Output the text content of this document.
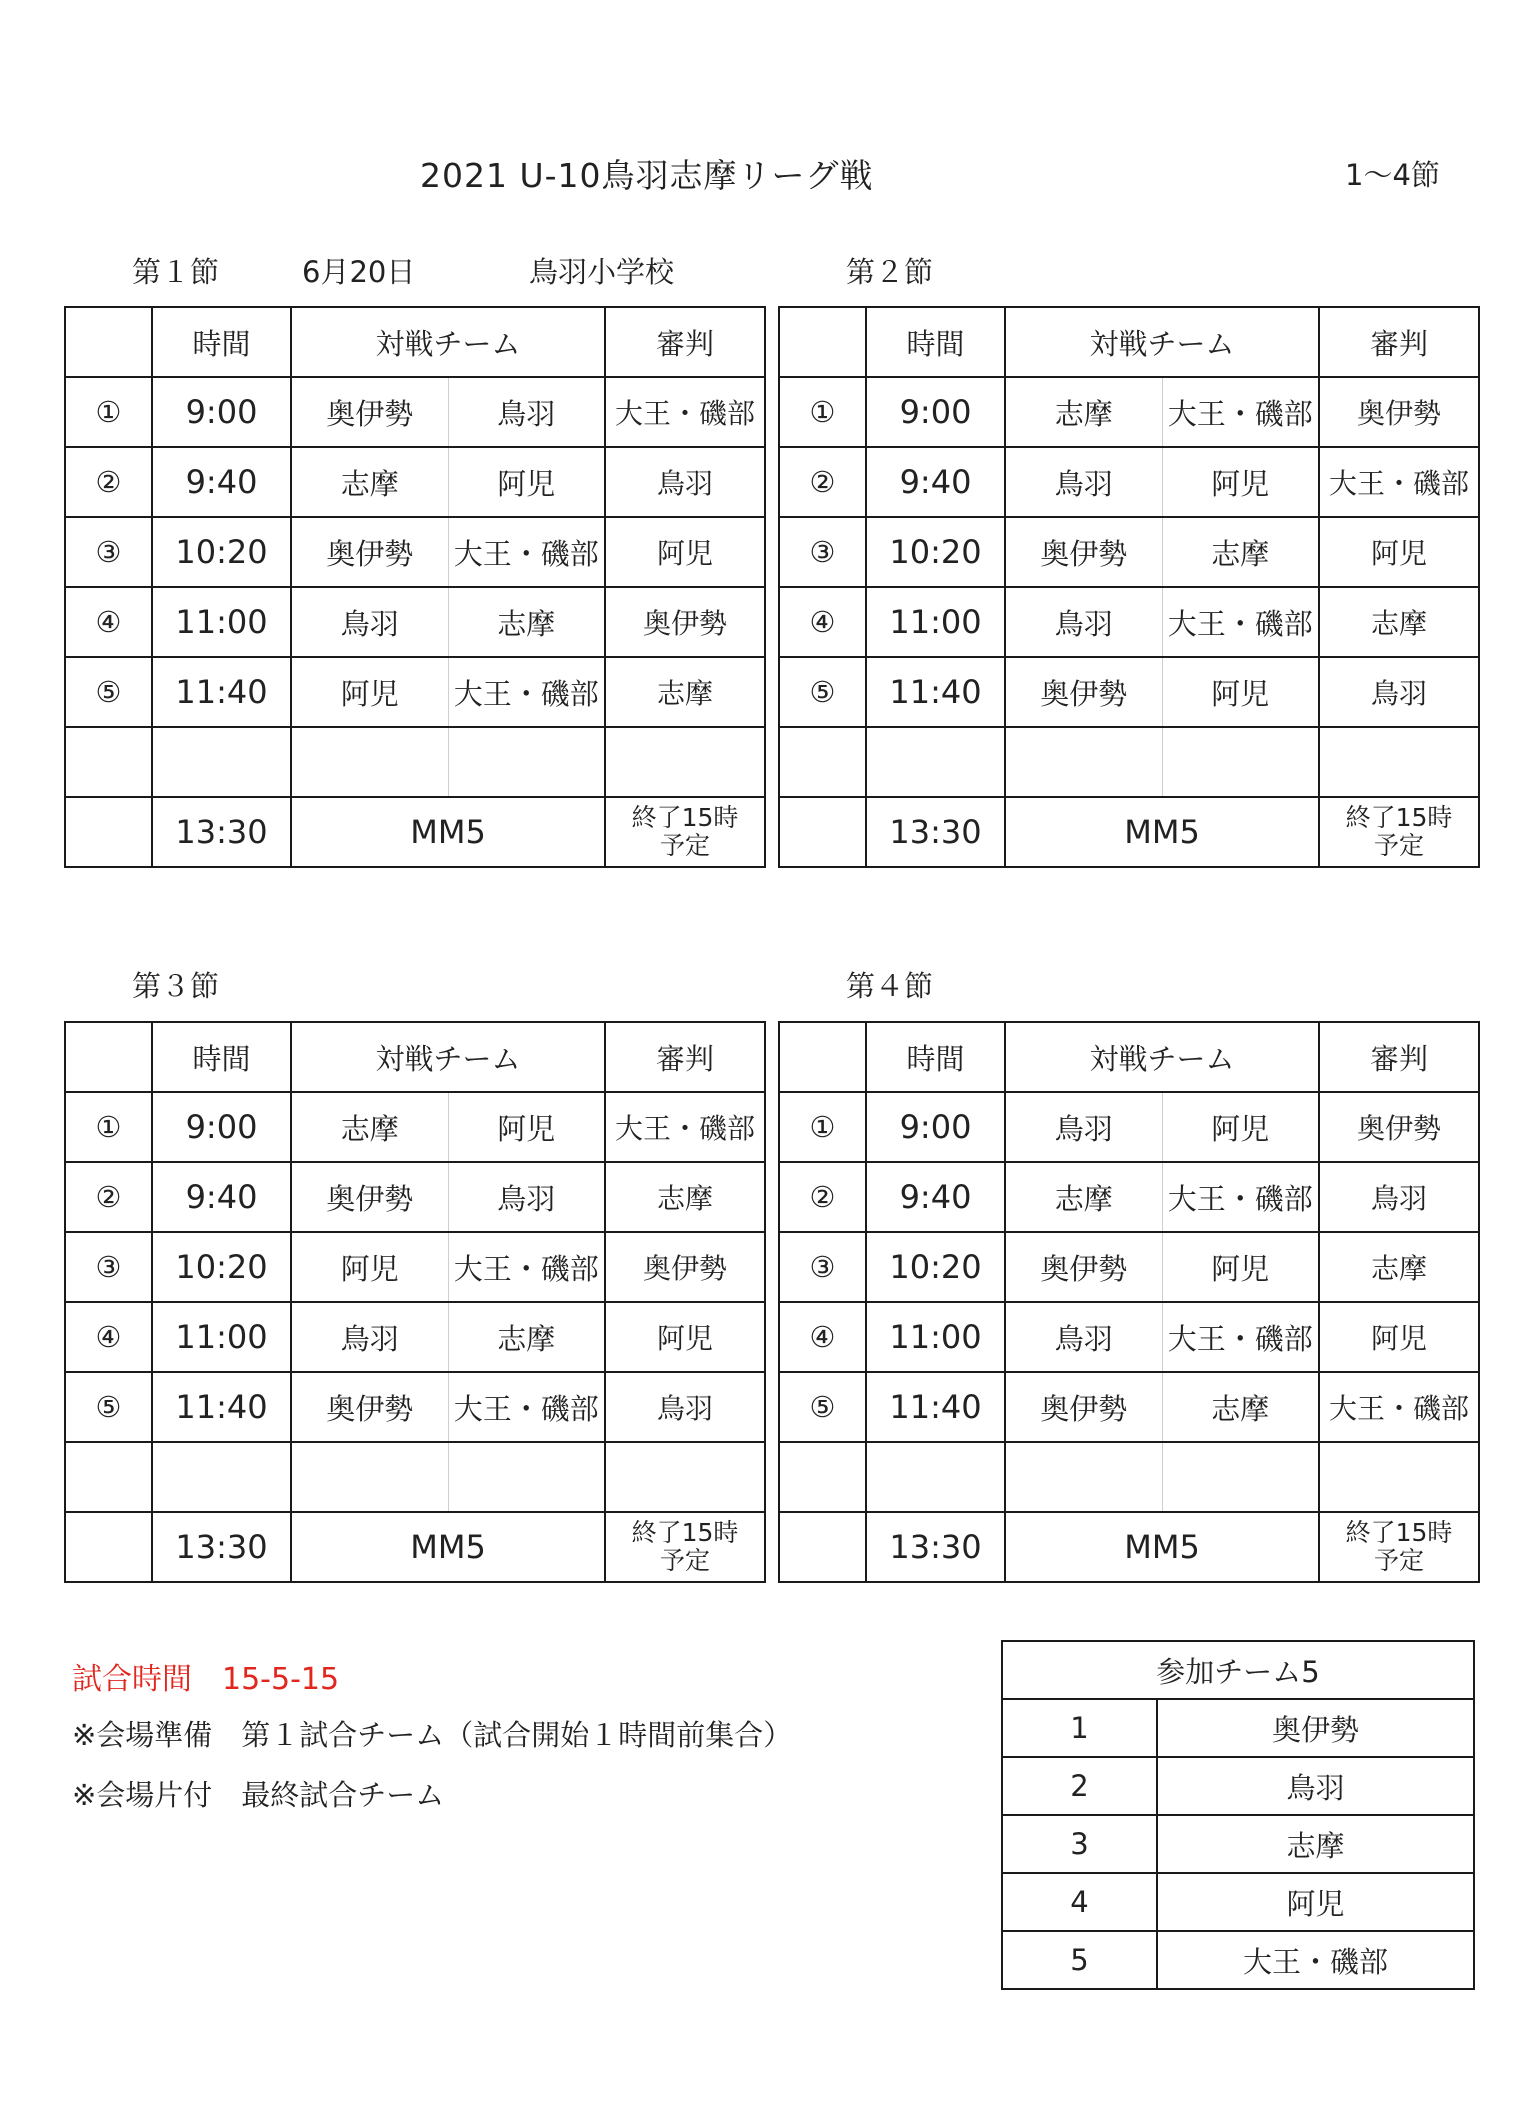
2021 U-10鳥羽志摩リーグ戦	1～4節
第１節	6月20日	鳥羽小学校	第２節
第３節	第４節
	時間	対戦チーム		審判
①	9:00	奥伊勢	鳥羽	大王・磯部
②	9:40	志摩	阿児	鳥羽
③	10:20	奥伊勢	大王・磯部	阿児
④	11:00	鳥羽	志摩	奥伊勢
⑤	11:40	阿児	大王・磯部	志摩

	13:30	MM5		終了15時
予定
	時間	対戦チーム		審判
①	9:00	志摩	大王・磯部	奥伊勢
②	9:40	鳥羽	阿児	大王・磯部
③	10:20	奥伊勢	志摩	阿児
④	11:00	鳥羽	大王・磯部	志摩
⑤	11:40	奥伊勢	阿児	鳥羽

	13:30	MM5		終了15時
予定
	時間	対戦チーム		審判
①	9:00	志摩	阿児	大王・磯部
②	9:40	奥伊勢	鳥羽	志摩
③	10:20	阿児	大王・磯部	奥伊勢
④	11:00	鳥羽	志摩	阿児
⑤	11:40	奥伊勢	大王・磯部	鳥羽

	13:30	MM5		終了15時
予定
	時間	対戦チーム		審判
①	9:00	鳥羽	阿児	奥伊勢
②	9:40	志摩	大王・磯部	鳥羽
③	10:20	奥伊勢	阿児	志摩
④	11:00	鳥羽	大王・磯部	阿児
⑤	11:40	奥伊勢	志摩	大王・磯部

	13:30	MM5		終了15時
予定
試合時間　15-5-15
※会場準備　第１試合チーム（試合開始１時間前集合）
※会場片付　最終試合チーム
参加チーム5	
1	奥伊勢
2	鳥羽
3	志摩
4	阿児
5	大王・磯部
